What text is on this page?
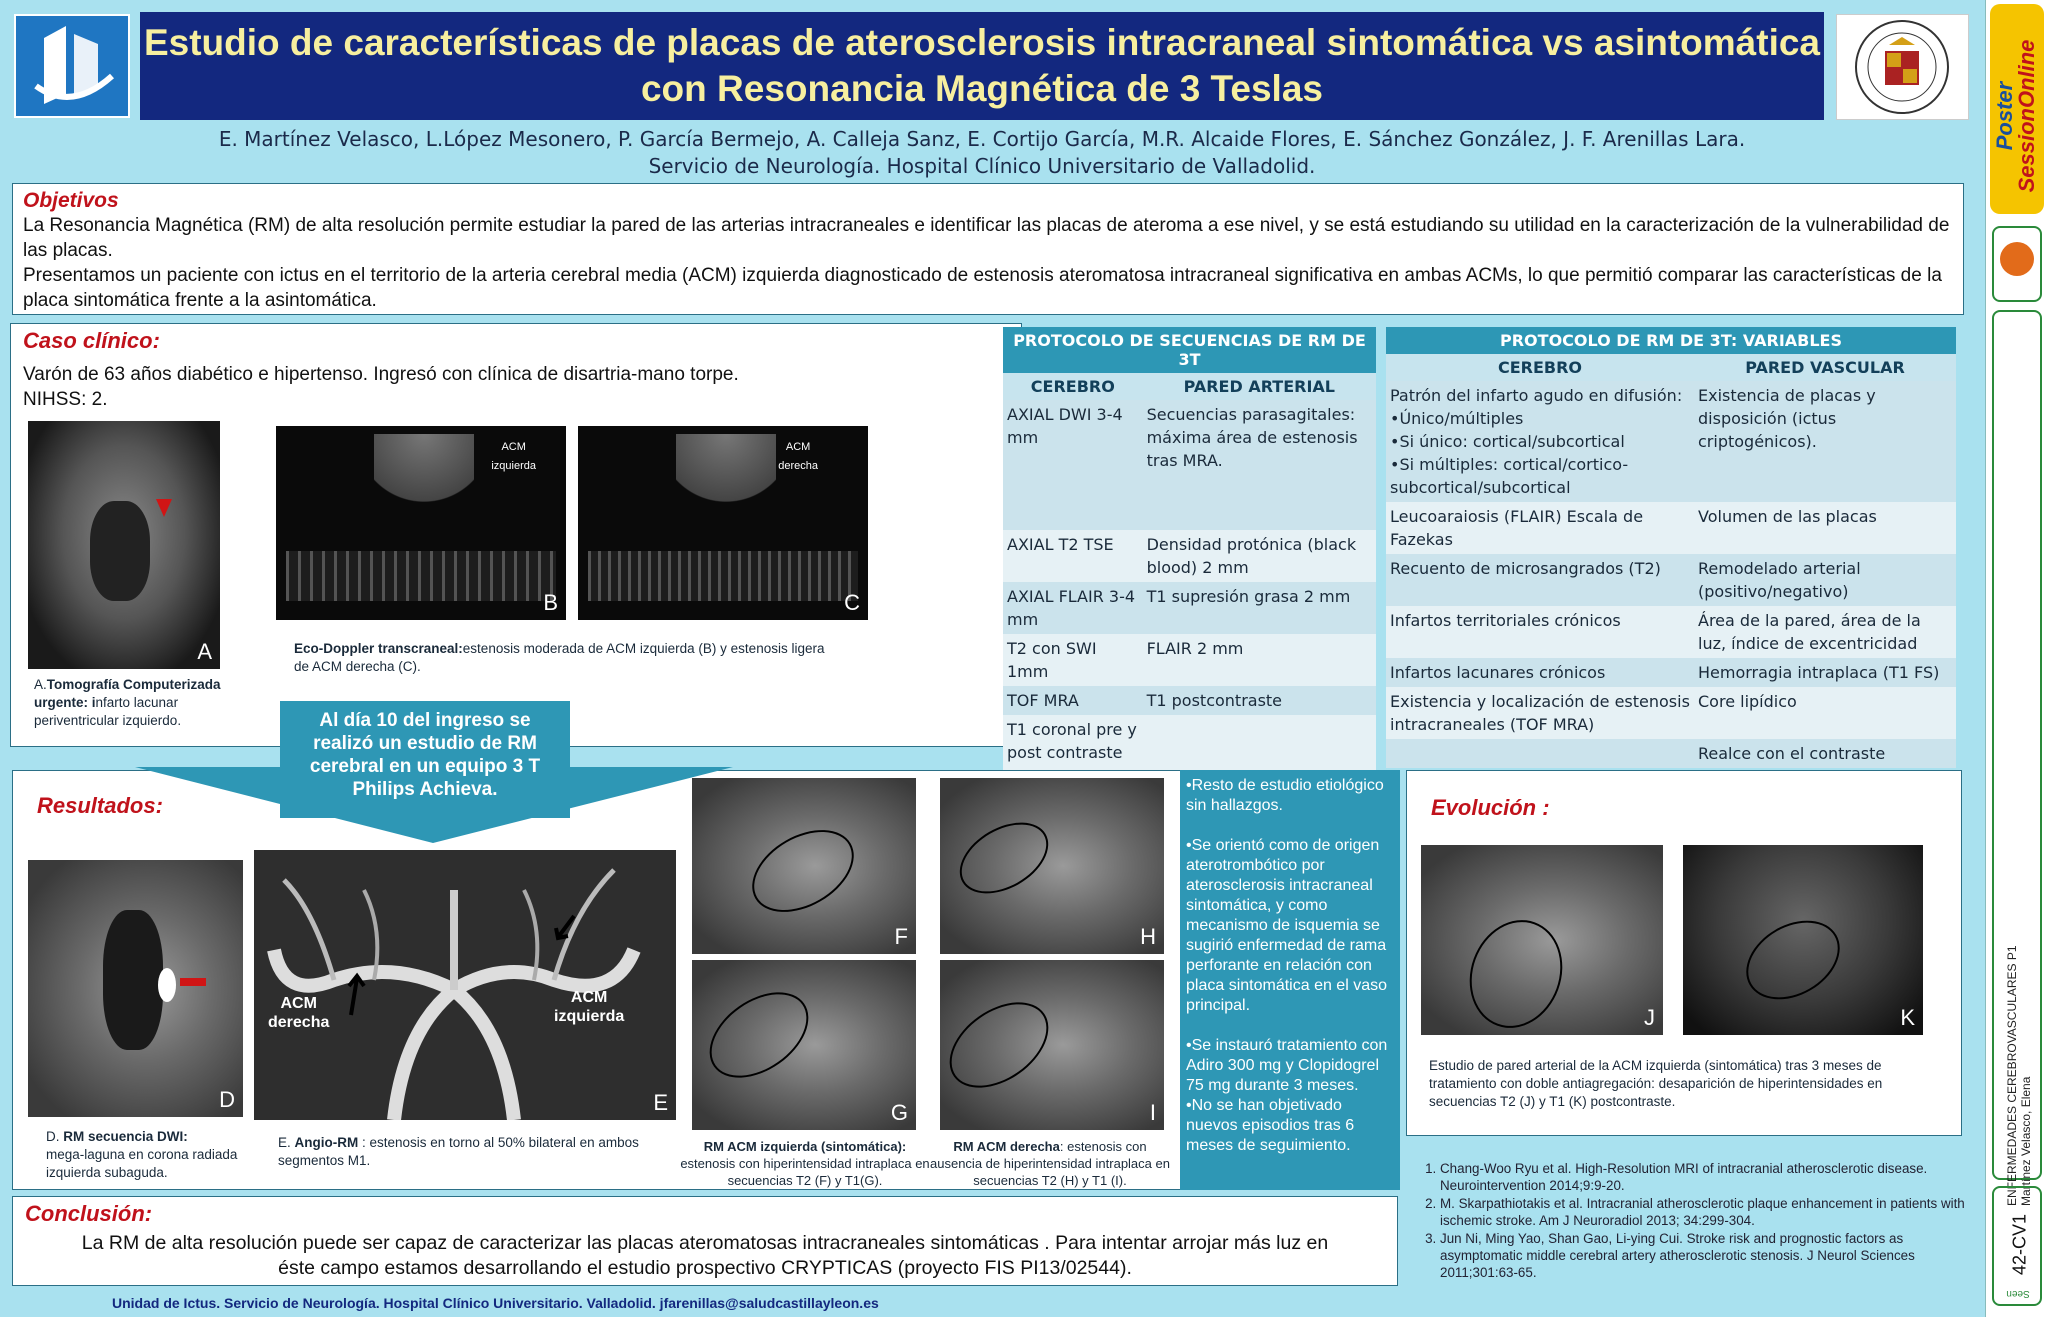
Estudio de características de placas de aterosclerosis intracraneal sintomática vs asintomática con Resonancia Magnética de 3 Teslas
E. Martínez Velasco, L.López Mesonero, P. García Bermejo, A. Calleja Sanz, E. Cortijo García, M.R. Alcaide Flores, E. Sánchez González, J. F. Arenillas Lara.
Servicio de Neurología. Hospital Clínico Universitario de Valladolid.
Objetivos

La Resonancia Magnética (RM) de alta resolución permite estudiar la pared de las arterias intracraneales e identificar las placas de ateroma a ese nivel, y se está estudiando su utilidad en la caracterización de la vulnerabilidad de las placas.

Presentamos un paciente con ictus en el territorio de la arteria cerebral media (ACM) izquierda diagnosticado de estenosis ateromatosa intracraneal significativa en ambas ACMs, lo que permitió comparar las características de la placa sintomática frente a la asintomática.

Caso clínico:
Varón de 63 años diabético e hipertenso. Ingresó con clínica de disartria-mano torpe.
NIHSS: 2.
A
A.Tomografía Computerizada urgente: infarto lacunar periventricular izquierdo.
ACM
izquierda
B
ACM
derecha
C
Eco-Doppler transcraneal:estenosis moderada de ACM izquierda (B) y estenosis ligera de ACM derecha (C).
PROTOCOLO DE SECUENCIAS DE RM DE 3T	
CEREBRO	PARED ARTERIAL
AXIAL DWI 3-4 mm	Secuencias parasagitales: máxima área de estenosis tras MRA.
AXIAL T2 TSE	Densidad protónica (black blood) 2 mm
AXIAL FLAIR 3-4 mm	T1 supresión grasa 2 mm
T2 con SWI 1mm	FLAIR 2 mm
TOF MRA	T1 postcontraste
T1 coronal pre y post contraste	
PROTOCOLO DE RM DE 3T: VARIABLES	
CEREBRO	PARED VASCULAR
Patrón del infarto agudo en difusión:
•Único/múltiples
•Si único: cortical/subcortical
•Si múltiples: cortical/cortico-subcortical/subcortical	Existencia de placas y disposición (ictus criptogénicos).
Leucoaraiosis (FLAIR) Escala de Fazekas	Volumen de las placas
Recuento de microsangrados (T2)	Remodelado arterial (positivo/negativo)
Infartos territoriales crónicos	Área de la pared, área de la luz, índice de excentricidad
Infartos lacunares crónicos	Hemorragia intraplaca (T1 FS)
Existencia y localización de estenosis intracraneales (TOF MRA)	Core lipídico
	Realce con el contraste
Resultados:
Al día 10 del ingreso se realizó un estudio de RM cerebral en un equipo 3 T Philips Achieva.
D
D. RM secuencia DWI:
mega-laguna en corona radiada izquierda subaguda.
ACM
derecha
ACM
izquierda
E
E. Angio-RM : estenosis en torno al 50% bilateral en ambos segmentos M1.
F
G
H
I
RM ACM izquierda (sintomática):
estenosis con hiperintensidad intraplaca en secuencias T2 (F) y T1(G).
RM ACM derecha: estenosis con ausencia de hiperintensidad intraplaca en secuencias T2 (H) y T1 (I).

•Resto de estudio etiológico sin hallazgos.

•Se orientó como de origen aterotrombótico por aterosclerosis intracraneal sintomática, y como mecanismo de isquemia se sugirió enfermedad de rama perforante en relación con placa sintomática en el vaso principal.

•Se instauró tratamiento con Adiro 300 mg y Clopidogrel 75 mg durante 3 meses.

•No se han objetivado nuevos episodios tras 6 meses de seguimiento.

Evolución :
J	K
Estudio de pared arterial de la ACM izquierda (sintomática) tras 3 meses de tratamiento con doble antiagregación: desaparición de hiperintensidades en secuencias T2 (J) y T1 (K) postcontraste.
1. Chang-Woo Ryu et al. High-Resolution MRI of intracranial atherosclerotic disease. Neurointervention 2014;9:9-20.
2. M. Skarpathiotakis et al. Intracranial atherosclerotic plaque enhancement in patients with ischemic stroke. Am J Neuroradiol 2013; 34:299-304.
3. Jun Ni, Ming Yao, Shan Gao, Li-ying Cui. Stroke risk and prognostic factors as asymptomatic middle cerebral artery atherosclerotic stenosis. J Neurol Sciences 2011;301:63-65.
Conclusión:
La RM de alta resolución puede ser capaz de caracterizar las placas ateromatosas intracraneales sintomáticas . Para intentar arrojar más luz en éste campo estamos desarrollando el estudio prospectivo CRYPTICAS (proyecto FIS PI13/02544).
Unidad de Ictus. Servicio de Neurología. Hospital Clínico Universitario. Valladolid. jfarenillas@saludcastillayleon.es
Poster SessionOnline
ENFERMEDADES CEREBROVASCULARES P1 Martínez Velasco, Elena
42-CV1
Seen
